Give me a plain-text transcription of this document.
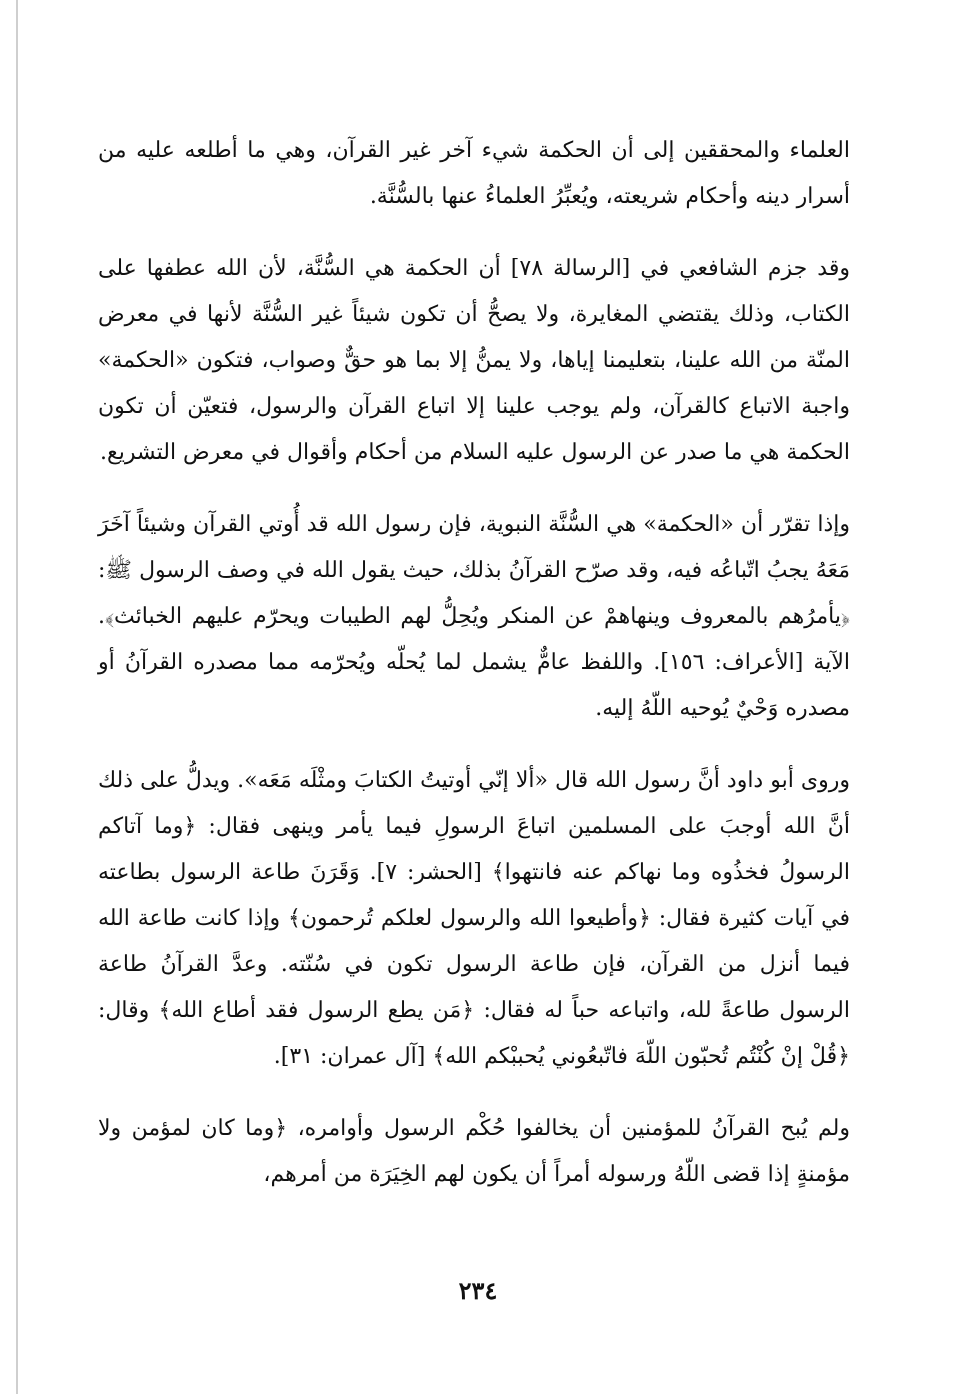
العلماء والمحققين إلى أن الحكمة شيء آخر غير القرآن، وهي ما أطلعه عليه من أسرار دينه وأحكام شريعته، ويُعبِّرُ العلماءُ عنها بالسُّنَّة.

وقد جزم الشافعي في [الرسالة ٧٨] أن الحكمة هي السُّنَّة، لأن الله عطفها على الكتاب، وذلك يقتضي المغايرة، ولا يصحُّ أن تكون شيئاً غير السُّنَّة لأنها في معرض المنّة من الله علينا، بتعليمنا إياها، ولا يمنُّ إلا بما هو حقٌّ وصواب، فتكون «الحكمة» واجبة الاتباع كالقرآن، ولم يوجب علينا إلا اتباع القرآن والرسول، فتعيّن أن تكون الحكمة هي ما صدر عن الرسول عليه السلام من أحكام وأقوال في معرض التشريع.

وإذا تقرّر أن «الحكمة» هي السُّنَّة النبوية، فإن رسول الله قد أُوتي القرآن وشيئاً آخَرَ مَعَهُ يجبُ اتّباعُه فيه، وقد صرّح القرآنُ بذلك، حيث يقول الله في وصف الرسول ﷺ: ﴿يأمرُهم بالمعروف وينهاهمْ عن المنكر ويُحِلُّ لهم الطيبات ويحرّم عليهم الخبائث﴾. الآية [الأعراف: ١٥٦]. واللفظ عامٌّ يشمل لما يُحلّه ويُحرّمه مما مصدره القرآنُ أو مصدره وَحْيٌ يُوحيه اللّهُ إليه.

وروى أبو داود أنَّ رسول الله قال «ألا إنّي أوتيتُ الكتابَ ومثْلَه مَعَه». ويدلُّ على ذلك أنَّ الله أوجبَ على المسلمين اتباعَ الرسولِ فيما يأمر وينهى فقال: ﴿وما آتاكم الرسولُ فخذُوه وما نهاكم عنه فانتهوا﴾ [الحشر: ٧]. وَقَرَنَ طاعة الرسول بطاعته في آيات كثيرة فقال: ﴿وأطيعوا الله والرسول لعلكم تُرحمون﴾ وإذا كانت طاعة الله فيما أنزل من القرآن، فإن طاعة الرسول تكون في سُنّته. وعدَّ القرآنُ طاعة الرسول طاعةً لله، واتباعه حباً له فقال: ﴿مَن يطع الرسول فقد أطاع الله﴾ وقال: ﴿قُلْ إنْ كُنْتُم تُحبّون اللّهَ فاتّبعُوني يُحببْكم الله﴾ [آل عمران: ٣١].

ولم يُبح القرآنُ للمؤمنين أن يخالفوا حُكْم الرسول وأوامره، ﴿وما كان لمؤمن ولا مؤمنةٍ إذا قضى اللّهُ ورسوله أمراً أن يكون لهم الخِيَرَة من أمرهم،

٢٣٤
